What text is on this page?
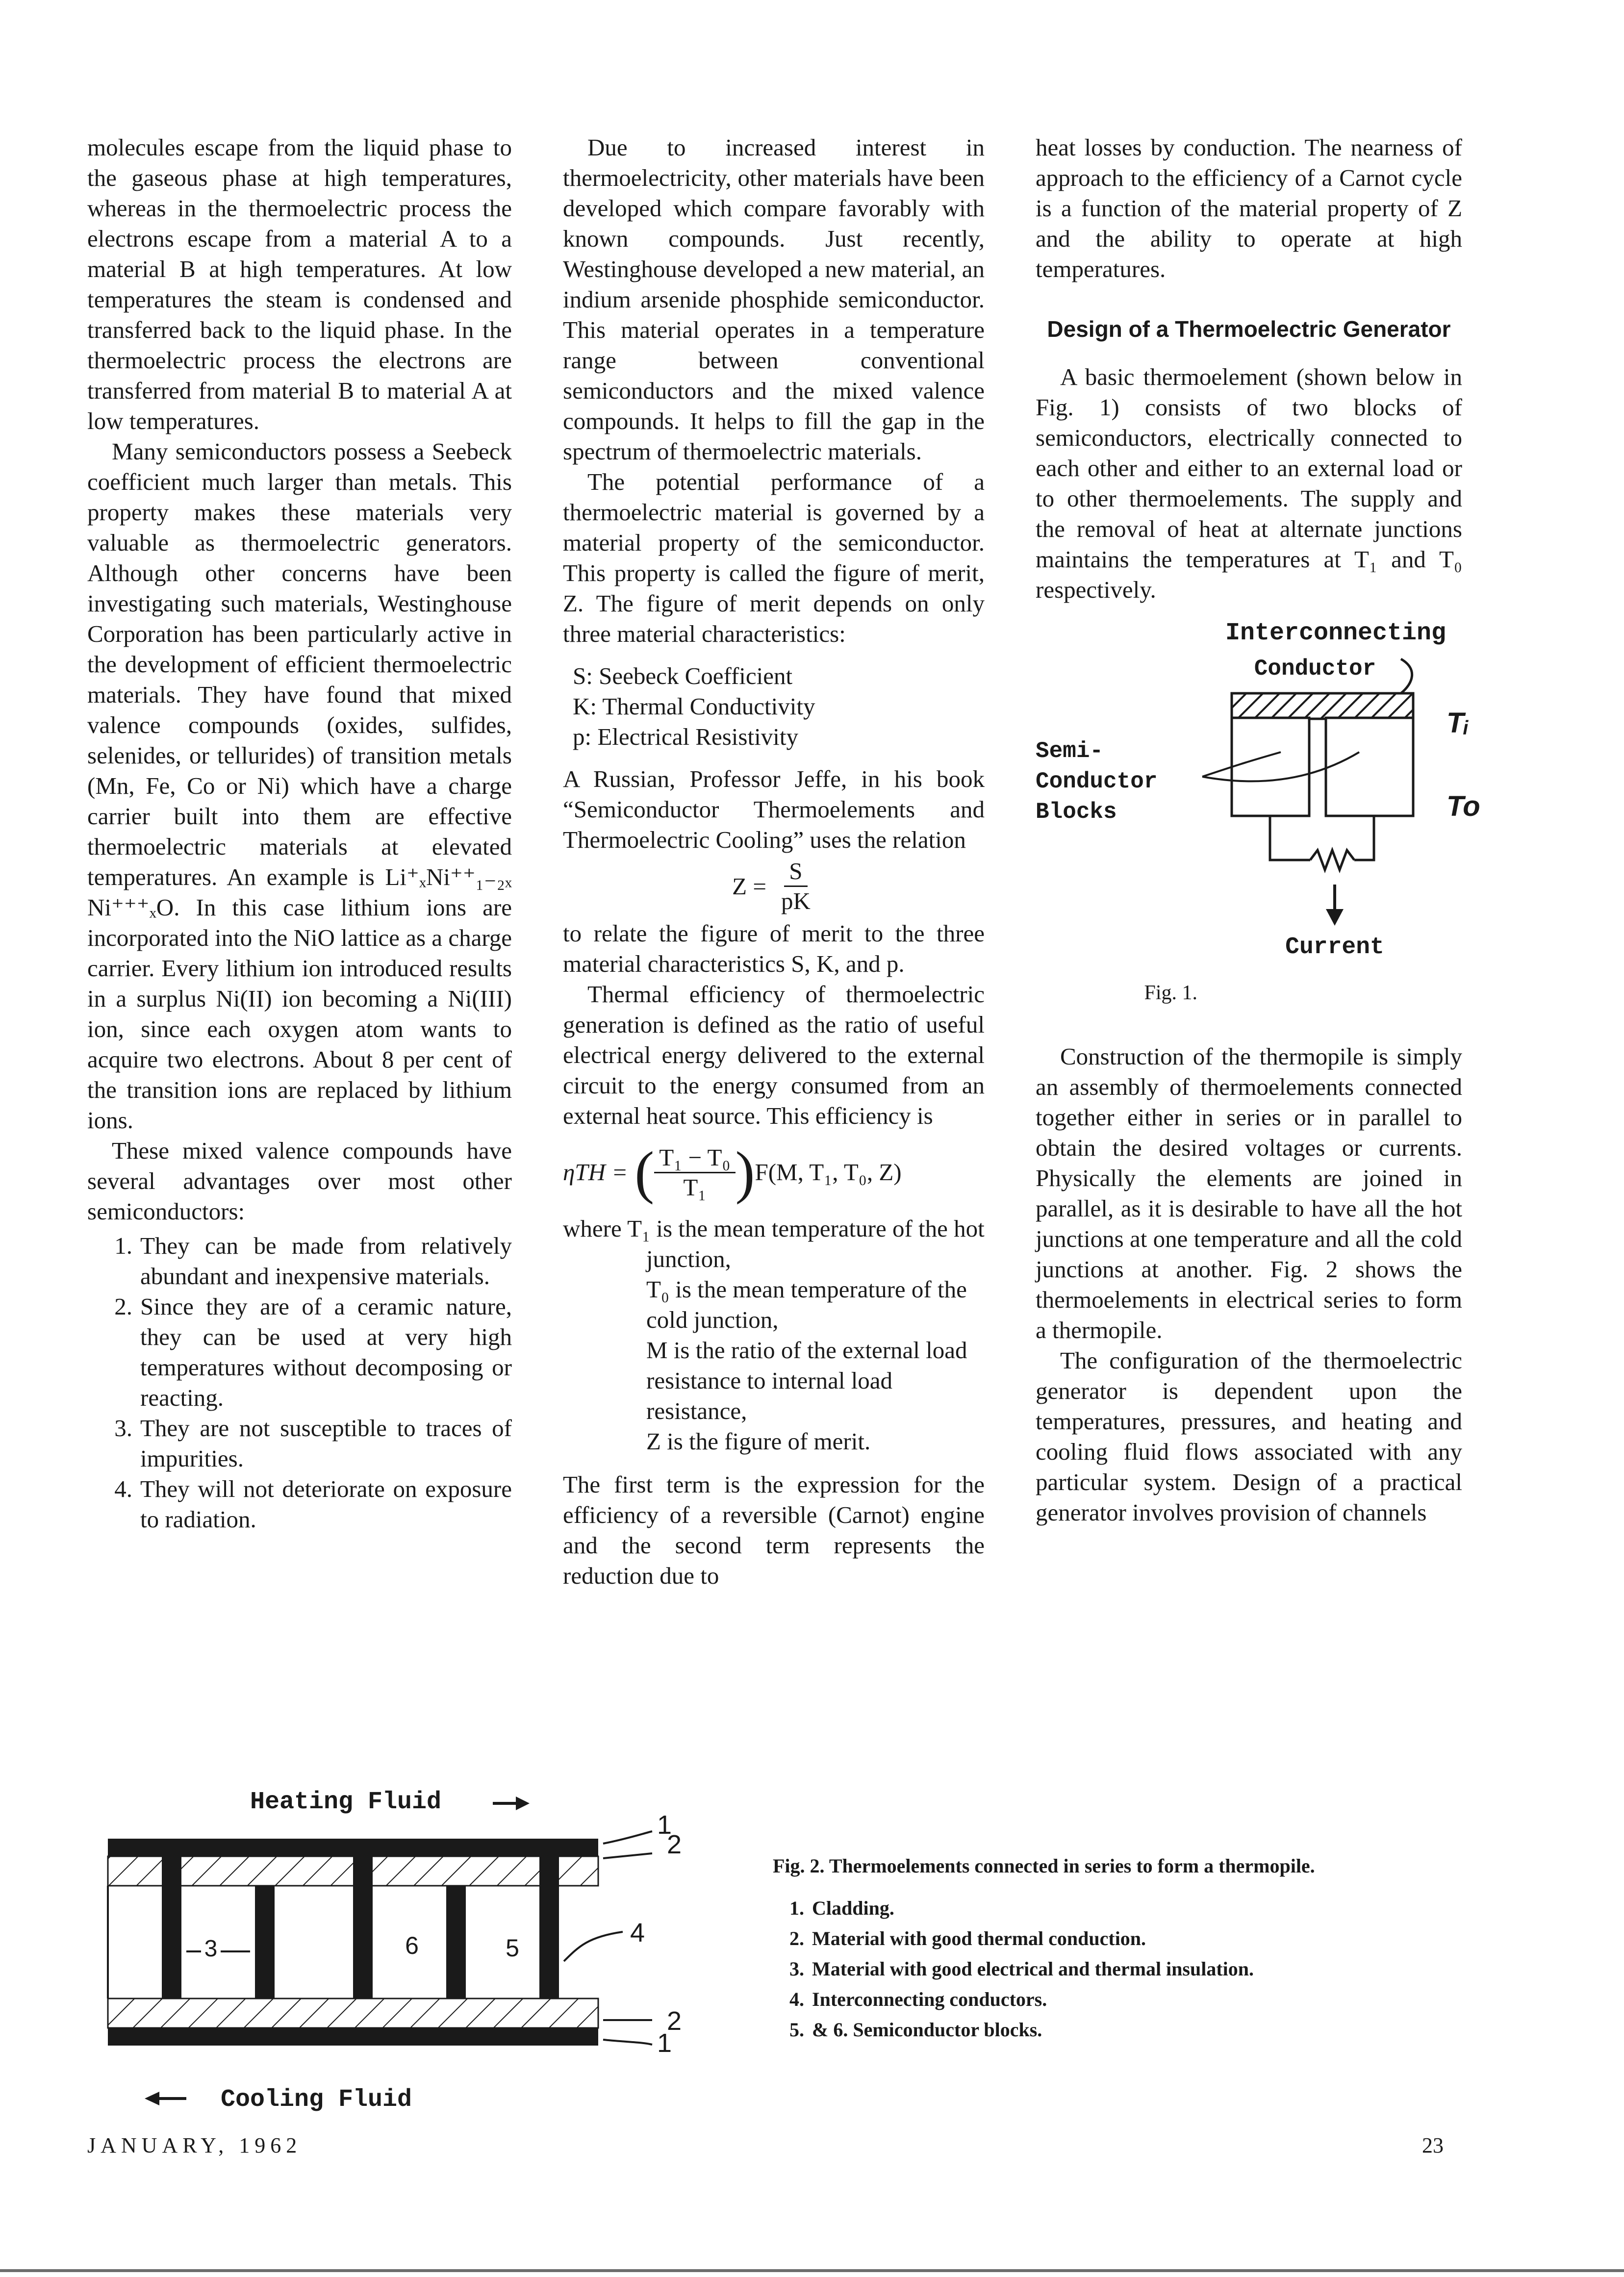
molecules escape from the liquid phase to the gaseous phase at high temperatures, whereas in the thermoelectric process the electrons escape from a material A to a material B at high temperatures. At low temperatures the steam is condensed and transferred back to the liquid phase. In the thermoelectric process the electrons are transferred from material B to material A at low temperatures.

Many semiconductors possess a Seebeck coefficient much larger than metals. This property makes these materials very valuable as thermoelectric generators. Although other concerns have been investigating such materials, Westinghouse Corporation has been particularly active in the development of efficient thermoelectric materials. They have found that mixed valence compounds (oxides, sulfides, selenides, or tellurides) of transition metals (Mn, Fe, Co or Ni) which have a charge carrier built into them are effective thermoelectric materials at elevated temperatures. An example is Li⁺ₓNi⁺⁺₁₋₂ₓ Ni⁺⁺⁺ₓO. In this case lithium ions are incorporated into the NiO lattice as a charge carrier. Every lithium ion introduced results in a surplus Ni(II) ion becoming a Ni(III) ion, since each oxygen atom wants to acquire two electrons. About 8 per cent of the transition ions are replaced by lithium ions.

These mixed valence compounds have several advantages over most other semiconductors:

1. They can be made from relatively abundant and inexpensive materials.
2. Since they are of a ceramic nature, they can be used at very high temperatures without decomposing or reacting.
3. They are not susceptible to traces of impurities.
4. They will not deteriorate on exposure to radiation.

Due to increased interest in thermoelectricity, other materials have been developed which compare favorably with known compounds. Just recently, Westinghouse developed a new material, an indium arsenide phosphide semiconductor. This material operates in a temperature range between conventional semiconductors and the mixed valence compounds. It helps to fill the gap in the spectrum of thermoelectric materials.

The potential performance of a thermoelectric material is governed by a material property of the semiconductor. This property is called the figure of merit, Z. The figure of merit depends on only three material characteristics:

S: Seebeck Coefficient
K: Thermal Conductivity
p: Electrical Resistivity

A Russian, Professor Jeffe, in his book “Semiconductor Thermoelements and Thermoelectric Cooling” uses the relation

$Z = \frac{S}{pK}$

to relate the figure of merit to the three material characteristics S, K, and p.

Thermal efficiency of thermoelectric generation is defined as the ratio of useful electrical energy delivered to the external circuit to the energy consumed from an external heat source. This efficiency is

ηTH = ( $\frac{\text{T₁ − T₀}}{\text{T₁}}$ ) F(M, T₁, T₀, Z)
where T₁ is the mean temperature of the hot junction,
T₀ is the mean temperature of the cold junction,
M is the ratio of the external load resistance to internal load resistance,
Z is the figure of merit.

The first term is the expression for the efficiency of a reversible (Carnot) engine and the second term represents the reduction due to

heat losses by conduction. The nearness of approach to the efficiency of a Carnot cycle is a function of the material property of Z and the ability to operate at high temperatures.

Design of a Thermoelectric Generator

A basic thermoelement (shown below in Fig. 1) consists of two blocks of semiconductors, electrically connected to each other and either to an external load or to other thermoelements. The supply and the removal of heat at alternate junctions maintains the temperatures at T₁ and T₀ respectively.

Interconnecting
Conductor
Semi-
Conductor
Blocks
Tᵢ
To
Current
Fig. 1.

Construction of the thermopile is simply an assembly of thermoelements connected together either in series or in parallel to obtain the desired voltages or currents. Physically the elements are joined in parallel, as it is desirable to have all the hot junctions at one temperature and all the cold junctions at another. Fig. 2 shows the thermoelements in electrical series to form a thermopile.

The configuration of the thermoelectric generator is dependent upon the temperatures, pressures, and heating and cooling fluid flows associated with any particular system. Design of a practical generator involves provision of channels

Heating Fluid
3	6	5
1
2
4
2
1
Cooling Fluid
Fig. 2. Thermoelements connected in series to form a thermopile.
1. Cladding.
2. Material with good thermal conduction.
3. Material with good electrical and thermal insulation.
4. Interconnecting conductors.
5. & 6. Semiconductor blocks.
JANUARY, 1962	23
